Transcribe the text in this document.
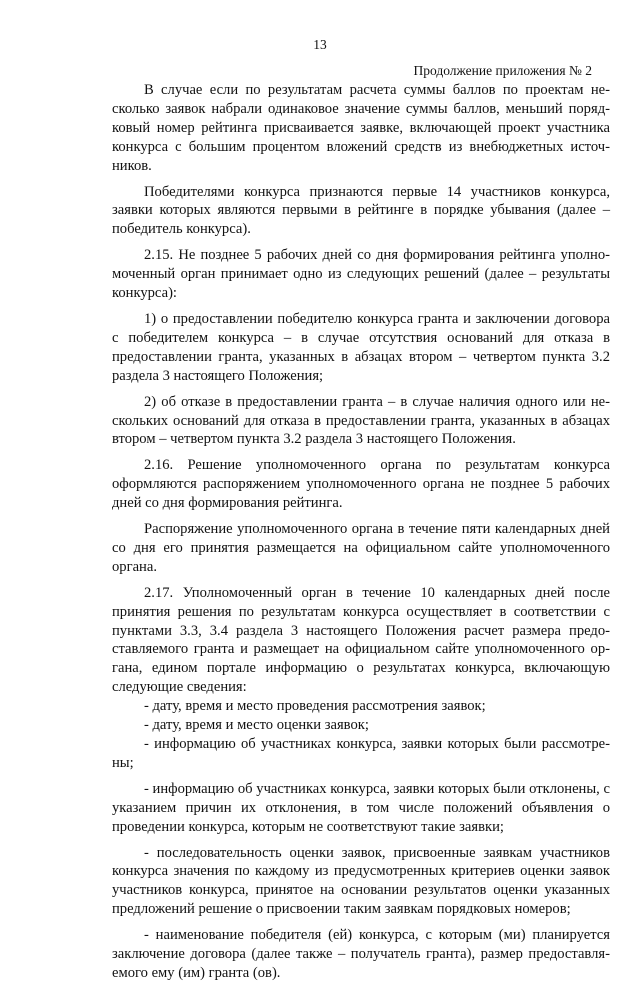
13
Продолжение приложения № 2

В случае если по результатам расчета суммы баллов по проектам несколько заявок набрали одинаковое значение суммы баллов, меньший порядковый номер рейтинга присваивается заявке, включающей проект участника конкурса с большим процентом вложений средств из внебюджетных источников.

Победителями конкурса признаются первые 14 участников конкурса, заявки которых являются первыми в рейтинге в порядке убывания (далее – победитель конкурса).

2.15. Не позднее 5 рабочих дней со дня формирования рейтинга уполномоченный орган принимает одно из следующих решений (далее – результаты конкурса):

1) о предоставлении победителю конкурса гранта и заключении договора с победителем конкурса – в случае отсутствия оснований для отказа в предоставлении гранта, указанных в абзацах втором – четвертом пункта 3.2 раздела 3 настоящего Положения;

2) об отказе в предоставлении гранта – в случае наличия одного или нескольких оснований для отказа в предоставлении гранта, указанных в абзацах втором – четвертом пункта 3.2 раздела 3 настоящего Положения.

2.16. Решение уполномоченного органа по результатам конкурса оформляются распоряжением уполномоченного органа не позднее 5 рабочих дней со дня формирования рейтинга.

Распоряжение уполномоченного органа в течение пяти календарных дней со дня его принятия размещается на официальном сайте уполномоченного органа.

2.17. Уполномоченный орган в течение 10 календарных дней после принятия решения по результатам конкурса осуществляет в соответствии с пунктами 3.3, 3.4 раздела 3 настоящего Положения расчет размера предоставляемого гранта и размещает на официальном сайте уполномоченного органа, едином портале информацию о результатах конкурса, включающую следующие сведения:

- дату, время и место проведения рассмотрения заявок;

- дату, время и место оценки заявок;

- информацию об участниках конкурса, заявки которых были рассмотрены;

- информацию об участниках конкурса, заявки которых были отклонены, с указанием причин их отклонения, в том числе положений объявления о проведении конкурса, которым не соответствуют такие заявки;

- последовательность оценки заявок, присвоенные заявкам участников конкурса значения по каждому из предусмотренных критериев оценки заявок участников конкурса, принятое на основании результатов оценки указанных предложений решение о присвоении таким заявкам порядковых номеров;

- наименование победителя (ей) конкурса, с которым (ми) планируется заключение договора (далее также – получатель гранта), размер предоставляемого ему (им) гранта (ов).
